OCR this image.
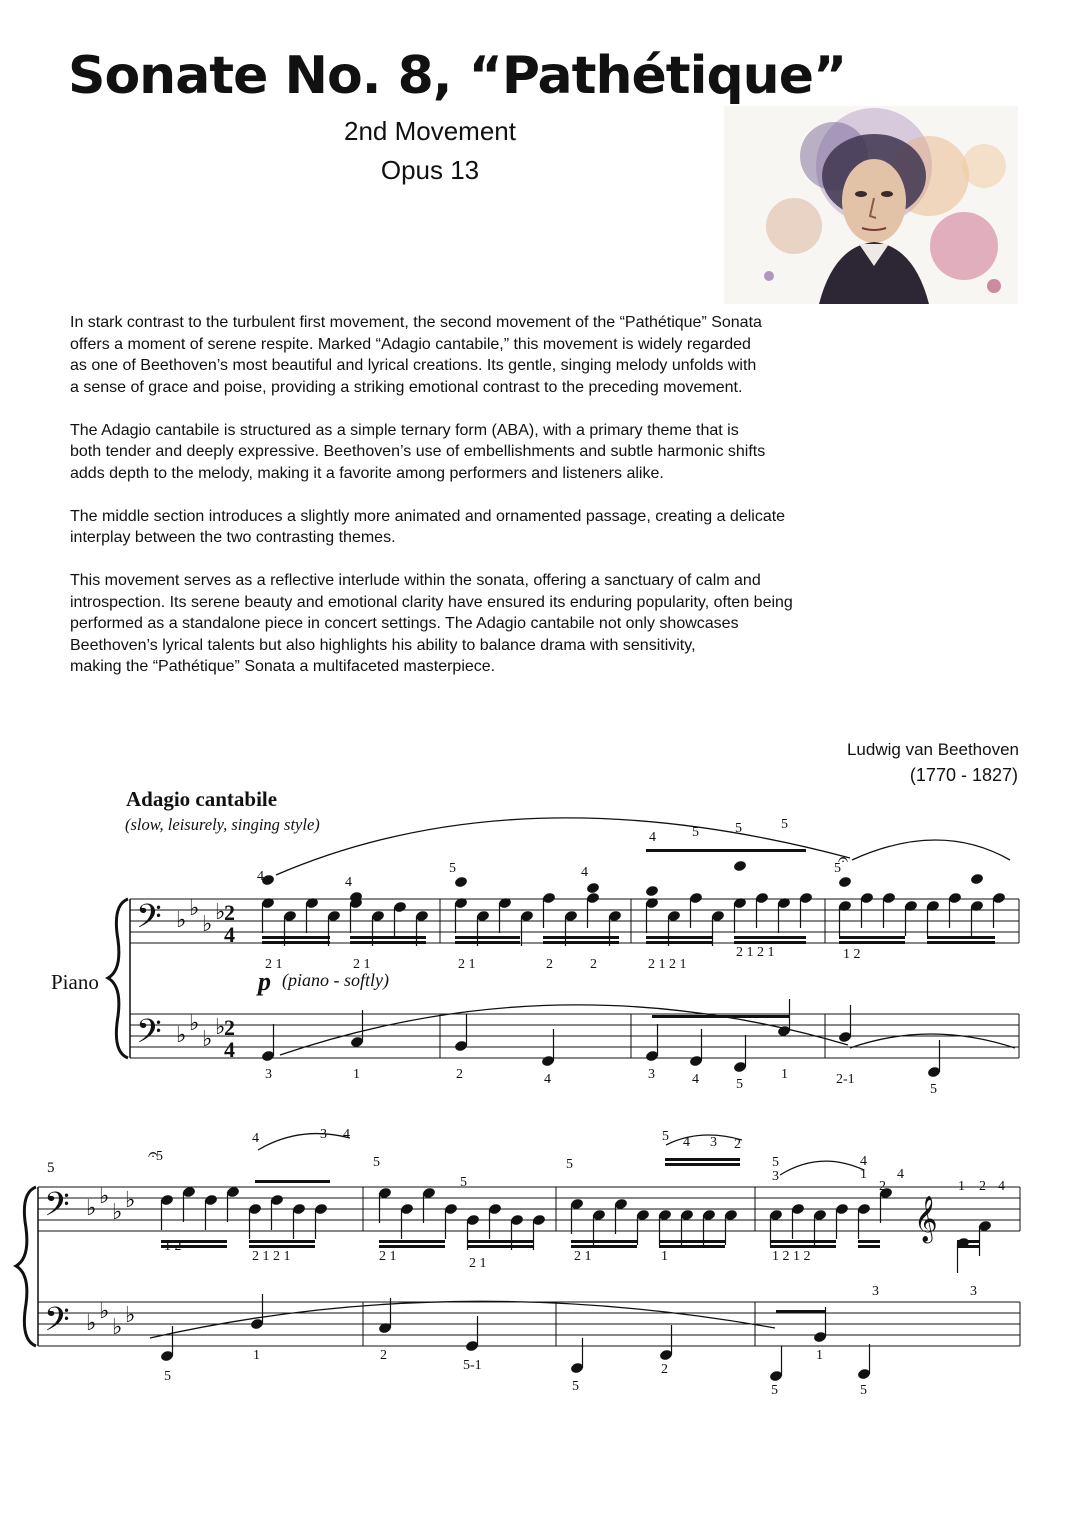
Sonate No. 8, “Pathétique”
2nd Movement
Opus 13

In stark contrast to the turbulent first movement, the second movement of the “Pathétique” Sonata
offers a moment of serene respite. Marked “Adagio cantabile,” this movement is widely regarded
as one of Beethoven’s most beautiful and lyrical creations. Its gentle, singing melody unfolds with
a sense of grace and poise, providing a striking emotional contrast to the preceding movement.

The Adagio cantabile is structured as a simple ternary form (ABA), with a primary theme that is
both tender and deeply expressive. Beethoven’s use of embellishments and subtle harmonic shifts
adds depth to the melody, making it a favorite among performers and listeners alike.

The middle section introduces a slightly more animated and ornamented passage, creating a delicate
interplay between the two contrasting themes.

This movement serves as a reflective interlude within the sonata, offering a sanctuary of calm and
introspection. Its serene beauty and emotional clarity have ensured its enduring popularity, often being
performed as a standalone piece in concert settings. The Adagio cantabile not only showcases
Beethoven’s lyrical talents but also highlights his ability to balance drama with sensitivity,
making the “Pathétique” Sonata a multifaceted masterpiece.

Ludwig van Beethoven
(1770 - 1827)
Adagio cantabile
(slow, leisurely, singing style)
Piano	p (piano - softly)
5
𝄢
𝄢
♭ ♭
♭ ♭
♭ ♭
♭ ♭
2
4
2
4
𝄢
𝄢
♭ ♭
♭ ♭
♭ ♭
♭ ♭
𝄞
𝄐
𝄐
2 1	2 1	2 1	2	2	2 1 2 1
2 1 2 1	1 2
3	1	2	4	3	4	5
1	2-1
5
1 2
2 1 2 1	2 1	2 1	2 1	1	1 2 1 2
5
1	2
5-1
5
2
5
1
5
4	4
5	4
4	5	5	5
5
5
4	3 4
5
5
5
5 4 3 2
5
3
4
1
2
4
1 2 4
3	3
